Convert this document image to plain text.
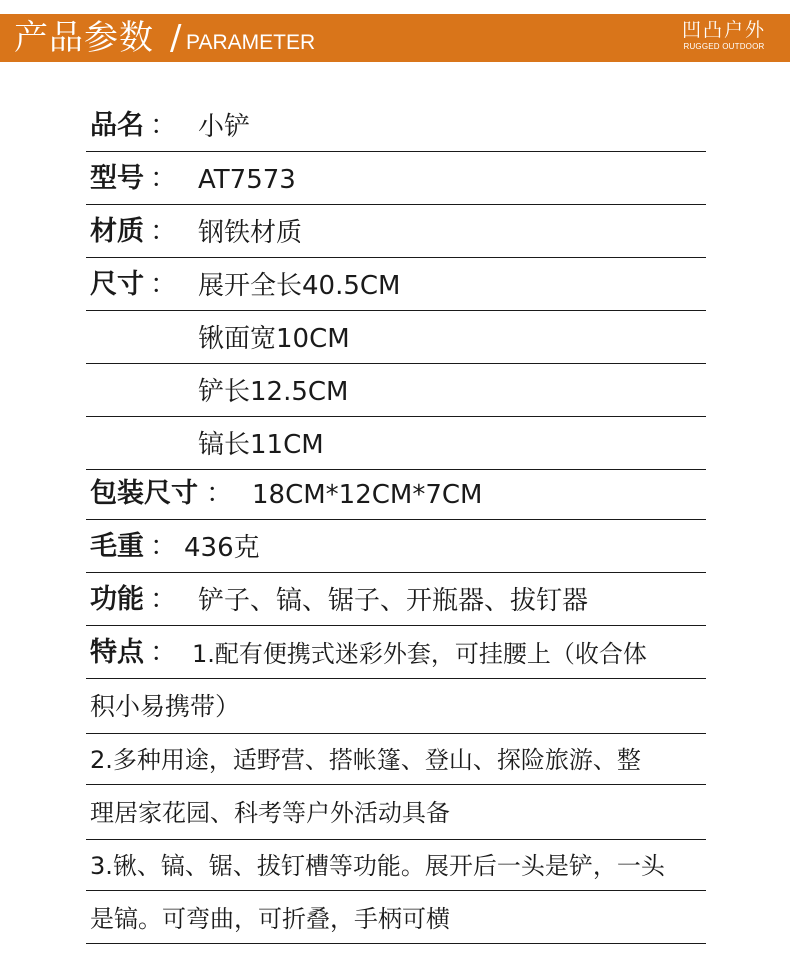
产品参数 / PARAMETER
凹凸户外
RUGGED OUTDOOR
品名 ： 小铲
型号 ： AT7573
材质 ： 钢铁材质
尺寸 ： 展开全长40.5CM
锹面宽10CM
铲长12.5CM
镐长11CM
包装尺寸 ： 18CM*12CM*7CM
毛重 ： 436克
功能 ： 铲子、镐、锯子、开瓶器、拔钉器
特点 ： 1.配有便携式迷彩外套，可挂腰上（收合体
积小易携带）
2.多种用途，适野营、搭帐篷、登山、探险旅游、整
理居家花园、科考等户外活动具备
3.锹、镐、锯、拔钉槽等功能。展开后一头是铲，一头
是镐。可弯曲，可折叠，手柄可横
